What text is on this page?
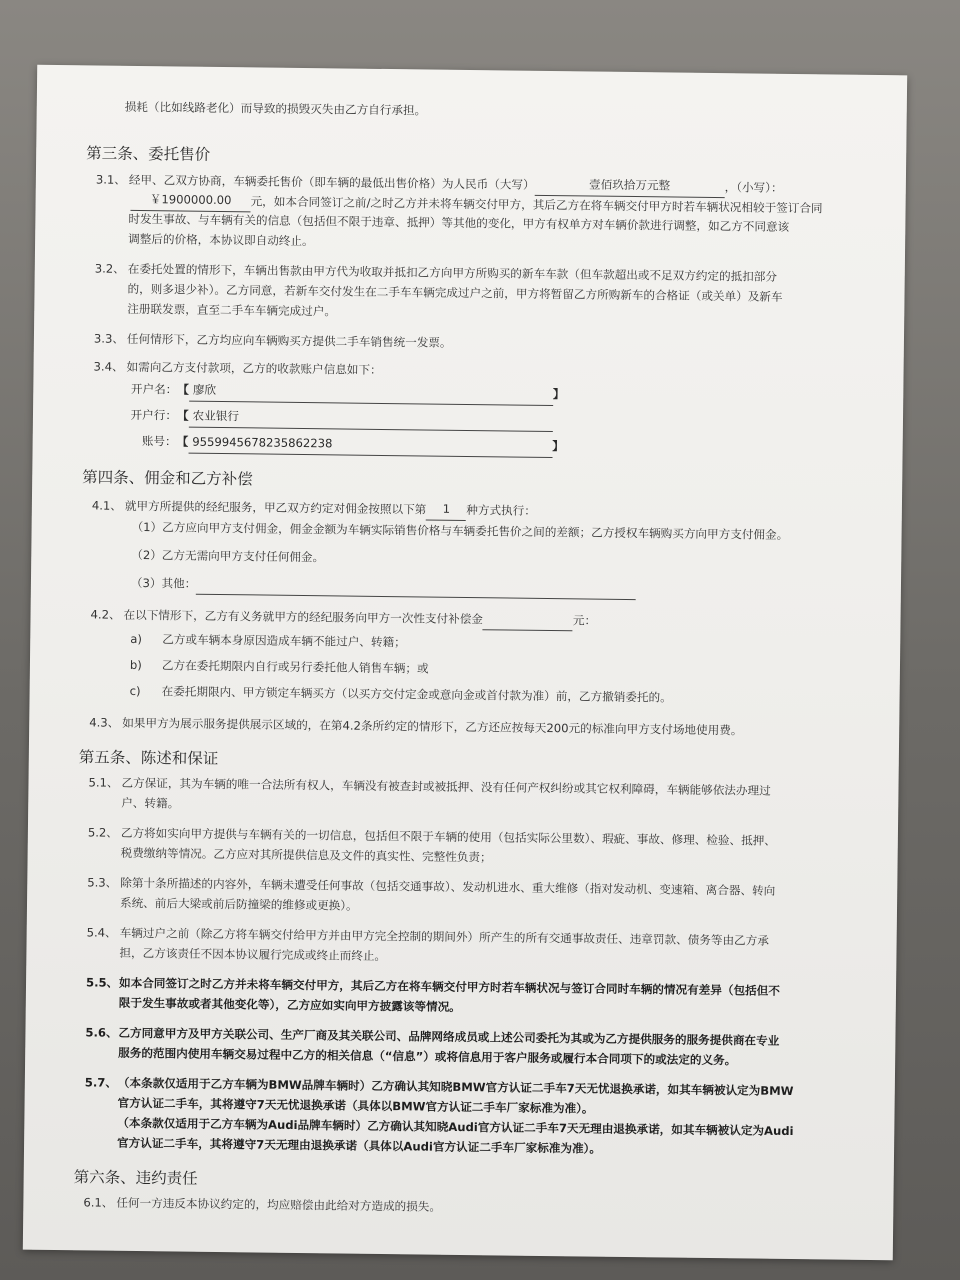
损耗（比如线路老化）而导致的损毁灭失由乙方自行承担。
第三条、委托售价
3.1、 经甲、乙双方协商，车辆委托售价（即车辆的最低出售价格）为人民币（大写）	壹佰玖拾万元整	，（小写）：
￥1900000.00 元，如本合同签订之前/之时乙方并未将车辆交付甲方，其后乙方在将车辆交付甲方时若车辆状况相较于签订合同
时发生事故、与车辆有关的信息（包括但不限于违章、抵押）等其他的变化，甲方有权单方对车辆价款进行调整，如乙方不同意该
调整后的价格，本协议即自动终止。
3.2、 在委托处置的情形下，车辆出售款由甲方代为收取并抵扣乙方向甲方所购买的新车车款（但车款超出或不足双方约定的抵扣部分
的，则多退少补）。乙方同意，若新车交付发生在二手车车辆完成过户之前，甲方将暂留乙方所购新车的合格证（或关单）及新车
注册联发票，直至二手车车辆完成过户。
3.3、 任何情形下，乙方均应向车辆购买方提供二手车销售统一发票。
3.4、 如需向乙方支付款项，乙方的收款账户信息如下：
开户名：【 廖欣	】
开户行：【 农业银行
账号：【 9559945678235862238	】
第四条、佣金和乙方补偿
4.1、 就甲方所提供的经纪服务，甲乙双方约定对佣金按照以下第 1 种方式执行：
（1）乙方应向甲方支付佣金，佣金金额为车辆实际销售价格与车辆委托售价之间的差额；乙方授权车辆购买方向甲方支付佣金。
（2）乙方无需向甲方支付任何佣金。
（3）其他：
4.2、 在以下情形下，乙方有义务就甲方的经纪服务向甲方一次性支付补偿金	元：
a) 乙方或车辆本身原因造成车辆不能过户、转籍；
b) 乙方在委托期限内自行或另行委托他人销售车辆；或
c) 在委托期限内、甲方锁定车辆买方（以买方交付定金或意向金或首付款为准）前，乙方撤销委托的。
4.3、 如果甲方为展示服务提供展示区域的，在第4.2条所约定的情形下，乙方还应按每天200元的标准向甲方支付场地使用费。
第五条、陈述和保证
5.1、 乙方保证，其为车辆的唯一合法所有权人，车辆没有被查封或被抵押、没有任何产权纠纷或其它权利障碍，车辆能够依法办理过
户、转籍。
5.2、 乙方将如实向甲方提供与车辆有关的一切信息，包括但不限于车辆的使用（包括实际公里数）、瑕疵、事故、修理、检验、抵押、
税费缴纳等情况。乙方应对其所提供信息及文件的真实性、完整性负责；
5.3、 除第十条所描述的内容外，车辆未遭受任何事故（包括交通事故）、发动机进水、重大维修（指对发动机、变速箱、离合器、转向
系统、前后大梁或前后防撞梁的维修或更换）。
5.4、 车辆过户之前（除乙方将车辆交付给甲方并由甲方完全控制的期间外）所产生的所有交通事故责任、违章罚款、债务等由乙方承
担，乙方该责任不因本协议履行完成或终止而终止。
5.5、如本合同签订之时乙方并未将车辆交付甲方，其后乙方在将车辆交付甲方时若车辆状况与签订合同时车辆的情况有差异（包括但不
限于发生事故或者其他变化等），乙方应如实向甲方披露该等情况。
5.6、乙方同意甲方及甲方关联公司、生产厂商及其关联公司、品牌网络成员或上述公司委托为其或为乙方提供服务的服务提供商在专业
服务的范围内使用车辆交易过程中乙方的相关信息（“信息”）或将信息用于客户服务或履行本合同项下的或法定的义务。
5.7、（本条款仅适用于乙方车辆为BMW品牌车辆时）乙方确认其知晓BMW官方认证二手车7天无忧退换承诺，如其车辆被认定为BMW
官方认证二手车，其将遵守7天无忧退换承诺（具体以BMW官方认证二手车厂家标准为准）。
（本条款仅适用于乙方车辆为Audi品牌车辆时）乙方确认其知晓Audi官方认证二手车7天无理由退换承诺，如其车辆被认定为Audi
官方认证二手车，其将遵守7天无理由退换承诺（具体以Audi官方认证二手车厂家标准为准）。
第六条、违约责任
6.1、 任何一方违反本协议约定的，均应赔偿由此给对方造成的损失。
